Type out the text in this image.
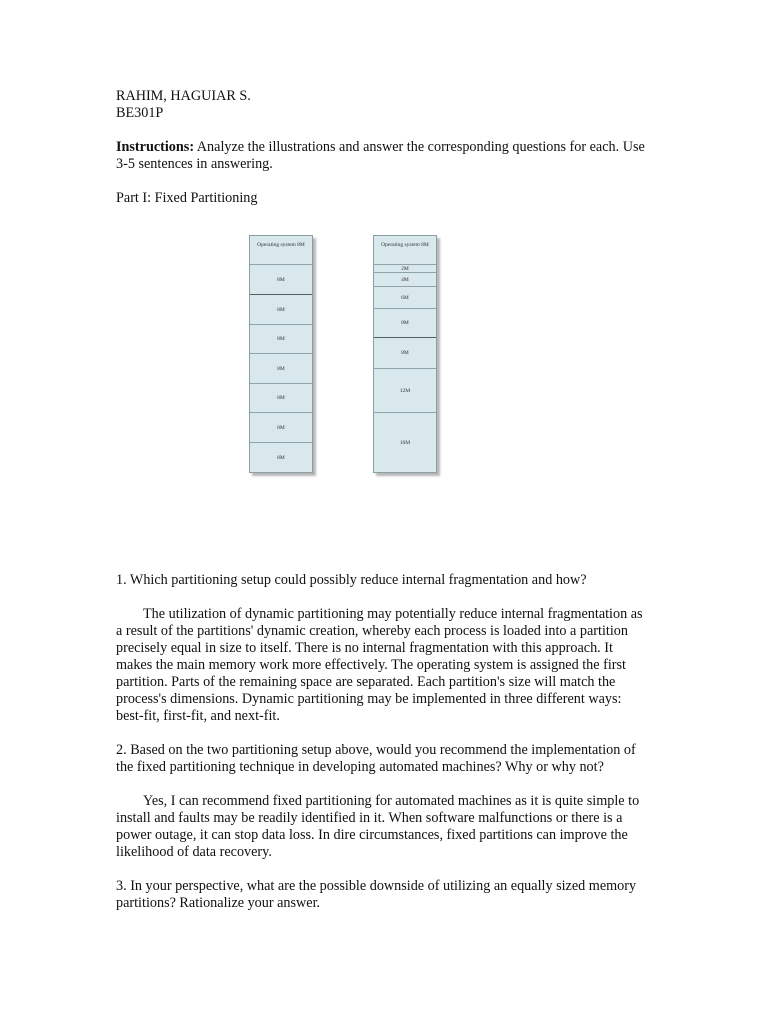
RAHIM, HAGUIAR S.

BE301P

Instructions: Analyze the illustrations and answer the corresponding questions for each. Use 3-5 sentences in answering.

Part I: Fixed Partitioning

Operating system 8M
8M
8M
8M
8M
8M
8M
8M
Operating system 8M
2M
4M
6M
8M
8M
12M
16M

1. Which partitioning setup could possibly reduce internal fragmentation and how?

The utilization of dynamic partitioning may potentially reduce internal fragmentation as a result of the partitions' dynamic creation, whereby each process is loaded into a partition precisely equal in size to itself. There is no internal fragmentation with this approach. It makes the main memory work more effectively. The operating system is assigned the first partition. Parts of the remaining space are separated. Each partition's size will match the process's dimensions. Dynamic partitioning may be implemented in three different ways: best-fit, first-fit, and next-fit.

2. Based on the two partitioning setup above, would you recommend the implementation of the fixed partitioning technique in developing automated machines? Why or why not?

Yes, I can recommend fixed partitioning for automated machines as it is quite simple to install and faults may be readily identified in it. When software malfunctions or there is a power outage, it can stop data loss. In dire circumstances, fixed partitions can improve the likelihood of data recovery.

3. In your perspective, what are the possible downside of utilizing an equally sized memory partitions? Rationalize your answer.
